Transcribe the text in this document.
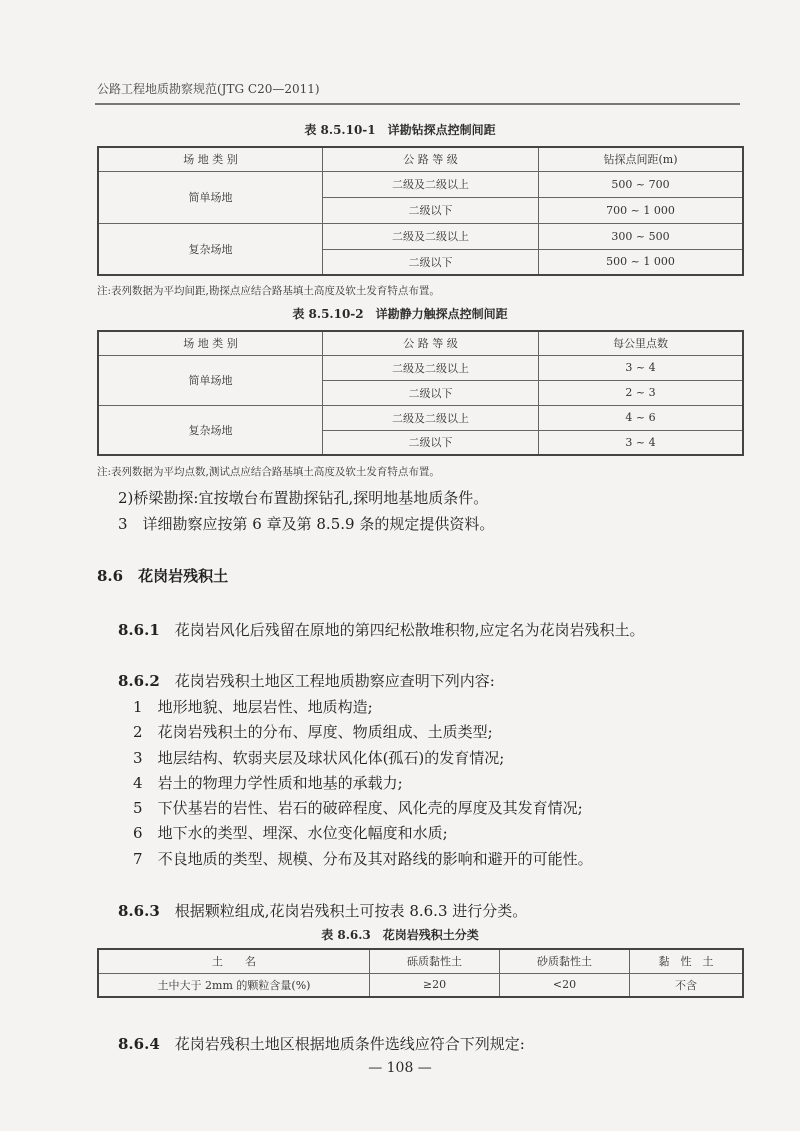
公路工程地质勘察规范(JTG C20—2011)
表 8.5.10-1　详勘钻探点控制间距
场 地 类 别	公 路 等 级	钻探点间距(m)
简单场地	二级及二级以上	500 ~ 700
	二级以下	700 ~ 1 000
复杂场地	二级及二级以上	300 ~ 500
	二级以下	500 ~ 1 000
注:表列数据为平均间距,勘探点应结合路基填土高度及软土发育特点布置。
表 8.5.10-2　详勘静力触探点控制间距
场 地 类 别	公 路 等 级	每公里点数
简单场地	二级及二级以上	3 ~ 4
	二级以下	2 ~ 3
复杂场地	二级及二级以上	4 ~ 6
	二级以下	3 ~ 4
注:表列数据为平均点数,测试点应结合路基填土高度及软土发育特点布置。
2)桥梁勘探:宜按墩台布置勘探钻孔,探明地基地质条件。
3　详细勘察应按第 6 章及第 8.5.9 条的规定提供资料。
8.6　 花岗岩残积土
8.6.1　 花岗岩风化后残留在原地的第四纪松散堆积物,应定名为花岗岩残积土。
8.6.2　 花岗岩残积土地区工程地质勘察应查明下列内容:
1　 地形地貌、地层岩性、地质构造;
2　 花岗岩残积土的分布、厚度、物质组成、土质类型;
3　 地层结构、软弱夹层及球状风化体(孤石)的发育情况;
4　 岩土的物理力学性质和地基的承载力;
5　 下伏基岩的岩性、岩石的破碎程度、风化壳的厚度及其发育情况;
6　 地下水的类型、埋深、水位变化幅度和水质;
7　 不良地质的类型、规模、分布及其对路线的影响和避开的可能性。
8.6.3　 根据颗粒组成,花岗岩残积土可按表 8.6.3 进行分类。
表 8.6.3　花岗岩残积土分类
土　　名	砾质黏性土	砂质黏性土	黏　性　土
土中大于 2mm 的颗粒含量(%)	≥20	<20	不含
8.6.4　 花岗岩残积土地区根据地质条件选线应符合下列规定:
— 108 —
